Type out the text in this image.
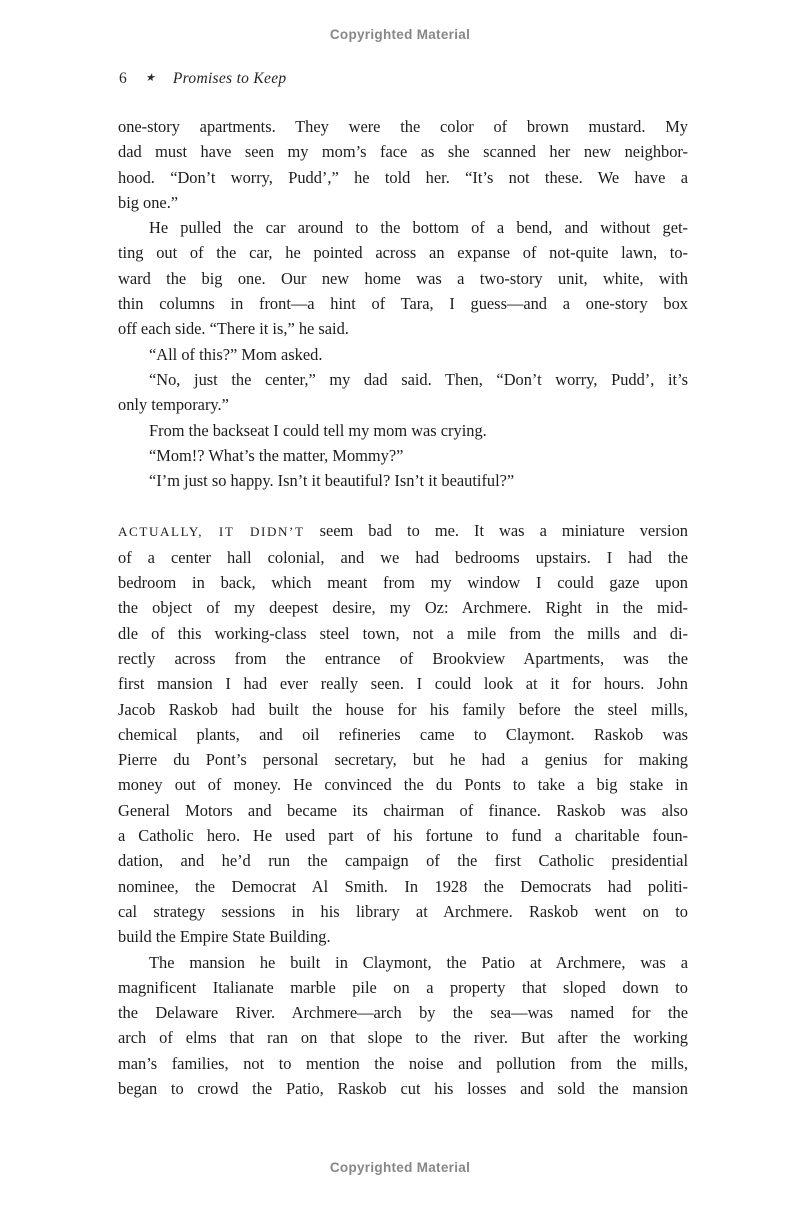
Copyrighted Material
6 ★ Promises to Keep
one-story apartments. They were the color of brown mustard. My
dad must have seen my mom’s face as she scanned her new neighbor-
hood. “Don’t worry, Pudd’,” he told her. “It’s not these. We have a
big one.”
He pulled the car around to the bottom of a bend, and without get-
ting out of the car, he pointed across an expanse of not-quite lawn, to-
ward the big one. Our new home was a two-story unit, white, with
thin columns in front—a hint of Tara, I guess—and a one-story box
off each side. “There it is,” he said.
“All of this?” Mom asked.
“No, just the center,” my dad said. Then, “Don’t worry, Pudd’, it’s
only temporary.”
From the backseat I could tell my mom was crying.
“Mom!? What’s the matter, Mommy?”
“I’m just so happy. Isn’t it beautiful? Isn’t it beautiful?”
ACTUALLY, IT DIDN’T seem bad to me. It was a miniature version
of a center hall colonial, and we had bedrooms upstairs. I had the
bedroom in back, which meant from my window I could gaze upon
the object of my deepest desire, my Oz: Archmere. Right in the mid-
dle of this working-class steel town, not a mile from the mills and di-
rectly across from the entrance of Brookview Apartments, was the
first mansion I had ever really seen. I could look at it for hours. John
Jacob Raskob had built the house for his family before the steel mills,
chemical plants, and oil refineries came to Claymont. Raskob was
Pierre du Pont’s personal secretary, but he had a genius for making
money out of money. He convinced the du Ponts to take a big stake in
General Motors and became its chairman of finance. Raskob was also
a Catholic hero. He used part of his fortune to fund a charitable foun-
dation, and he’d run the campaign of the first Catholic presidential
nominee, the Democrat Al Smith. In 1928 the Democrats had politi-
cal strategy sessions in his library at Archmere. Raskob went on to
build the Empire State Building.
The mansion he built in Claymont, the Patio at Archmere, was a
magnificent Italianate marble pile on a property that sloped down to
the Delaware River. Archmere—arch by the sea—was named for the
arch of elms that ran on that slope to the river. But after the working
man’s families, not to mention the noise and pollution from the mills,
began to crowd the Patio, Raskob cut his losses and sold the mansion
Copyrighted Material
